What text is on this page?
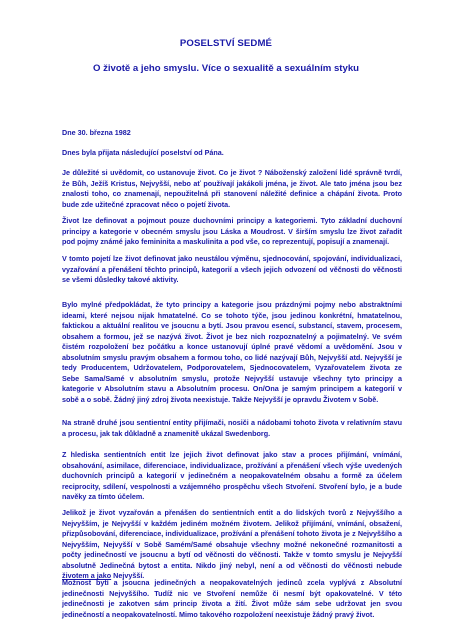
POSELSTVÍ SEDMÉ
O životě a jeho smyslu. Více o sexualitě a sexuálním styku
Dne 30. března 1982
Dnes byla přijata následující poselství od Pána.

Je důležité si uvědomit, co ustanovuje život. Co je život ? Náboženský založení lidé správně tvrdí, že Bůh, Ježíš Kristus, Nejvyšší, nebo ať používají jakákoli jména, je život. Ale tato jména jsou bez znalosti toho, co znamenají, nepoužitelná při stanovení náležité definice a chápání života. Proto bude zde užitečné zpracovat něco o pojetí života.

Život lze definovat a pojmout pouze duchovními principy a kategoriemi. Tyto základní duchovní principy a kategorie v obecném smyslu jsou Láska a Moudrost. V širším smyslu lze život zařadit pod pojmy známé jako femininita a maskulinita a pod vše, co reprezentují, popisují a znamenají.

V tomto pojetí lze život definovat jako neustálou výměnu, sjednocování, spojování, individualizaci, vyzařování a přenášení těchto principů, kategorií a všech jejich odvození od věčnosti do věčnosti se všemi důsledky takové aktivity.

Bylo mylné předpokládat, že tyto principy a kategorie jsou prázdnými pojmy nebo abstraktními ideami, které nejsou nijak hmatatelné. Co se tohoto týče, jsou jedinou konkrétní, hmatatelnou, faktickou a aktuální realitou ve jsoucnu a bytí. Jsou pravou esencí, substancí, stavem, procesem, obsahem a formou, jež se nazývá život. Život je bez nich rozpoznatelný a pojimatelný. Ve svém čistém rozpoložení bez počátku a konce ustanovují úplné pravé vědomí a uvědomění. Jsou v absolutním smyslu pravým obsahem a formou toho, co lidé nazývají Bůh, Nejvyšší atd. Nejvyšší je tedy Producentem, Udržovatelem, Podporovatelem, Sjednocovatelem, Vyzařovatelem života ze Sebe Sama/Samé v absolutním smyslu, protože Nejvyšší ustavuje všechny tyto principy a kategorie v Absolutním stavu a Absolutním procesu. On/Ona je samým principem a kategorií v sobě a o sobě. Žádný jiný zdroj života neexistuje. Takže Nejvyšší je opravdu Životem v Sobě.

Na straně druhé jsou sentientní entity přijímači, nosiči a nádobami tohoto života v relativním stavu a procesu, jak tak důkladně a znamenitě ukázal Swedenborg.

Z hlediska sentientních entit lze jejich život definovat jako stav a proces přijímání, vnímání, obsahování, asimilace, diferenciace, individualizace, prožívání a přenášení všech výše uvedených duchovních principů a kategorií v jedinečném a neopakovatelném obsahu a formě za účelem reciprocity, sdílení, vespolnosti a vzájemného prospěchu všech Stvoření. Stvoření bylo, je a bude navěky za tímto účelem.

Jelikož je život vyzařován a přenášen do sentientních entit a do lidských tvorů z Nejvyššího a Nejvyšším, je Nejvyšší v každém jediném možném životem. Jelikož přijímání, vnímání, obsažení, přizpůsobování, diferenciace, individualizace, prožívání a přenášení tohoto života je z Nejvyššího a Nejvyšším, Nejvyšší v Sobě Samém/Samé obsahuje všechny možné nekonečné rozmanitosti a počty jedinečností ve jsoucnu a bytí od věčnosti do věčnosti. Takže v tomto smyslu je Nejvyšší absolutně Jedinečná bytost a entita. Nikdo jiný nebyl, není a od věčnosti do věčnosti nebude životem a jako Nejvyšší.

Možnost bytí a jsoucna jedinečných a neopakovatelných jedinců zcela vyplývá z Absolutní jedinečnosti Nejvyššího. Tudíž nic ve Stvoření nemůže či nesmí být opakovatelné. V této jedinečnosti je zakotven sám princip života a žití. Život může sám sebe udržovat jen svou jedinečností a neopakovatelností. Mimo takového rozpoložení neexistuje žádný pravý život.
